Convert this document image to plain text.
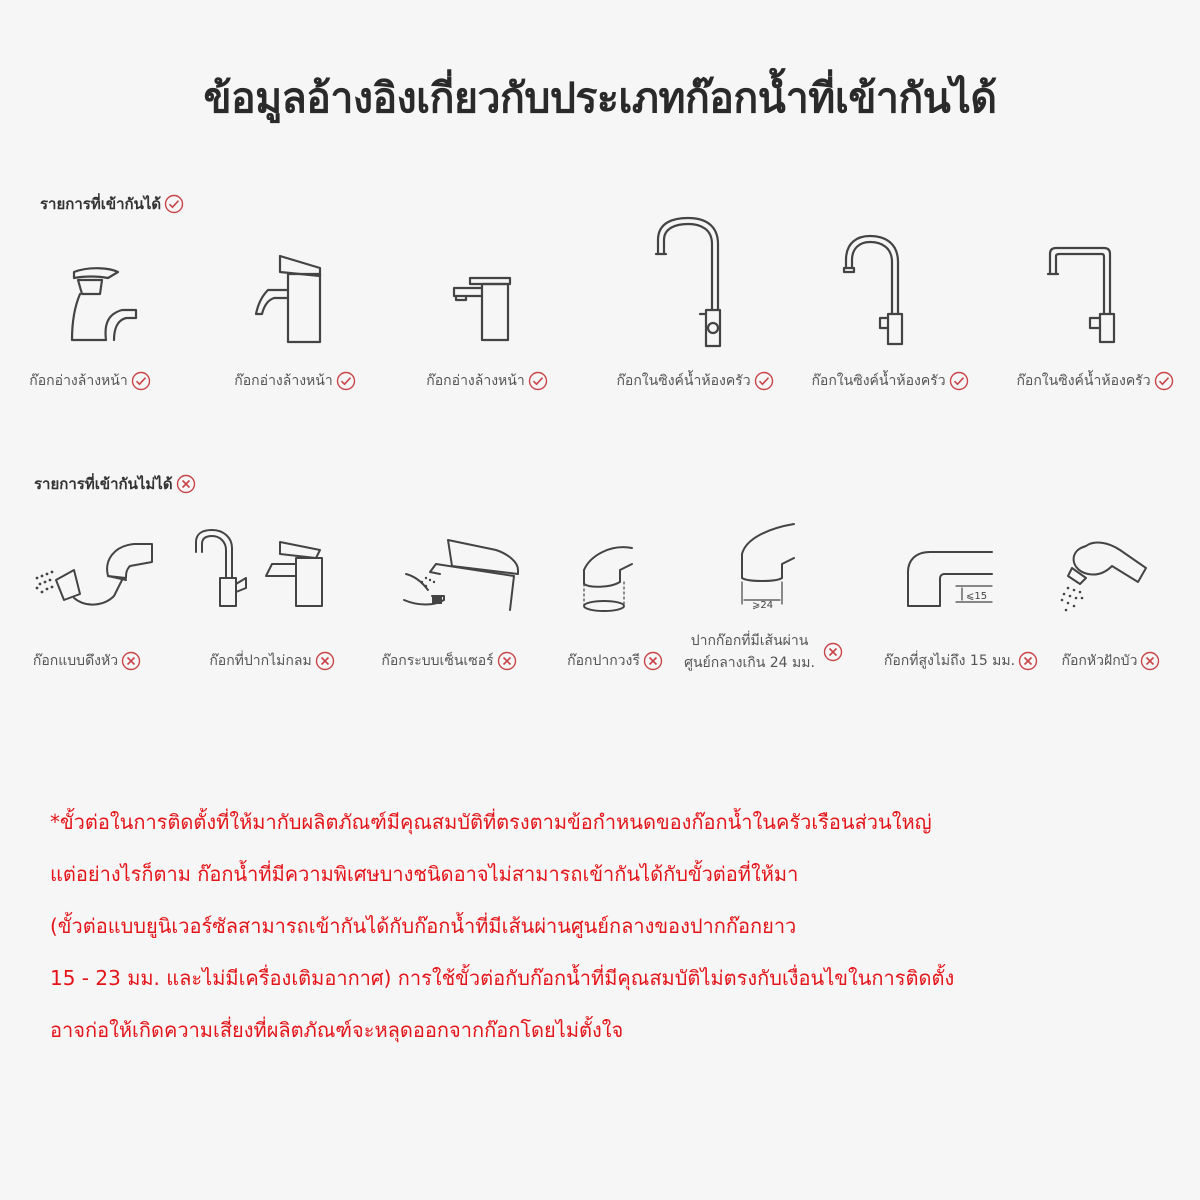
ข้อมูลอ้างอิงเกี่ยวกับประเภทก๊อกน้ำที่เข้ากันได้
รายการที่เข้ากันได้
ก๊อกอ่างล้างหน้า	ก๊อกอ่างล้างหน้า	ก๊อกอ่างล้างหน้า	ก๊อกในซิงค์น้ำห้องครัว	ก๊อกในซิงค์น้ำห้องครัว	ก๊อกในซิงค์น้ำห้องครัว
รายการที่เข้ากันไม่ได้
ก๊อกแบบดึงหัว	ก๊อกที่ปากไม่กลม	ก๊อกระบบเซ็นเซอร์	ก๊อกปากวงรี
⩾24
ปากก๊อกที่มีเส้นผ่านศูนย์กลางเกิน 24 มม.
⩽15
ก๊อกที่สูงไม่ถึง 15 มม.	ก๊อกหัวฝักบัว

*ขั้วต่อในการติดตั้งที่ให้มากับผลิตภัณฑ์มีคุณสมบัติที่ตรงตามข้อกำหนดของก๊อกน้ำในครัวเรือนส่วนใหญ่

แต่อย่างไรก็ตาม ก๊อกน้ำที่มีความพิเศษบางชนิดอาจไม่สามารถเข้ากันได้กับขั้วต่อที่ให้มา

(ขั้วต่อแบบยูนิเวอร์ซัลสามารถเข้ากันได้กับก๊อกน้ำที่มีเส้นผ่านศูนย์กลางของปากก๊อกยาว

15 - 23 มม. และไม่มีเครื่องเติมอากาศ) การใช้ขั้วต่อกับก๊อกน้ำที่มีคุณสมบัติไม่ตรงกับเงื่อนไขในการติดตั้ง

อาจก่อให้เกิดความเสี่ยงที่ผลิตภัณฑ์จะหลุดออกจากก๊อกโดยไม่ตั้งใจ
